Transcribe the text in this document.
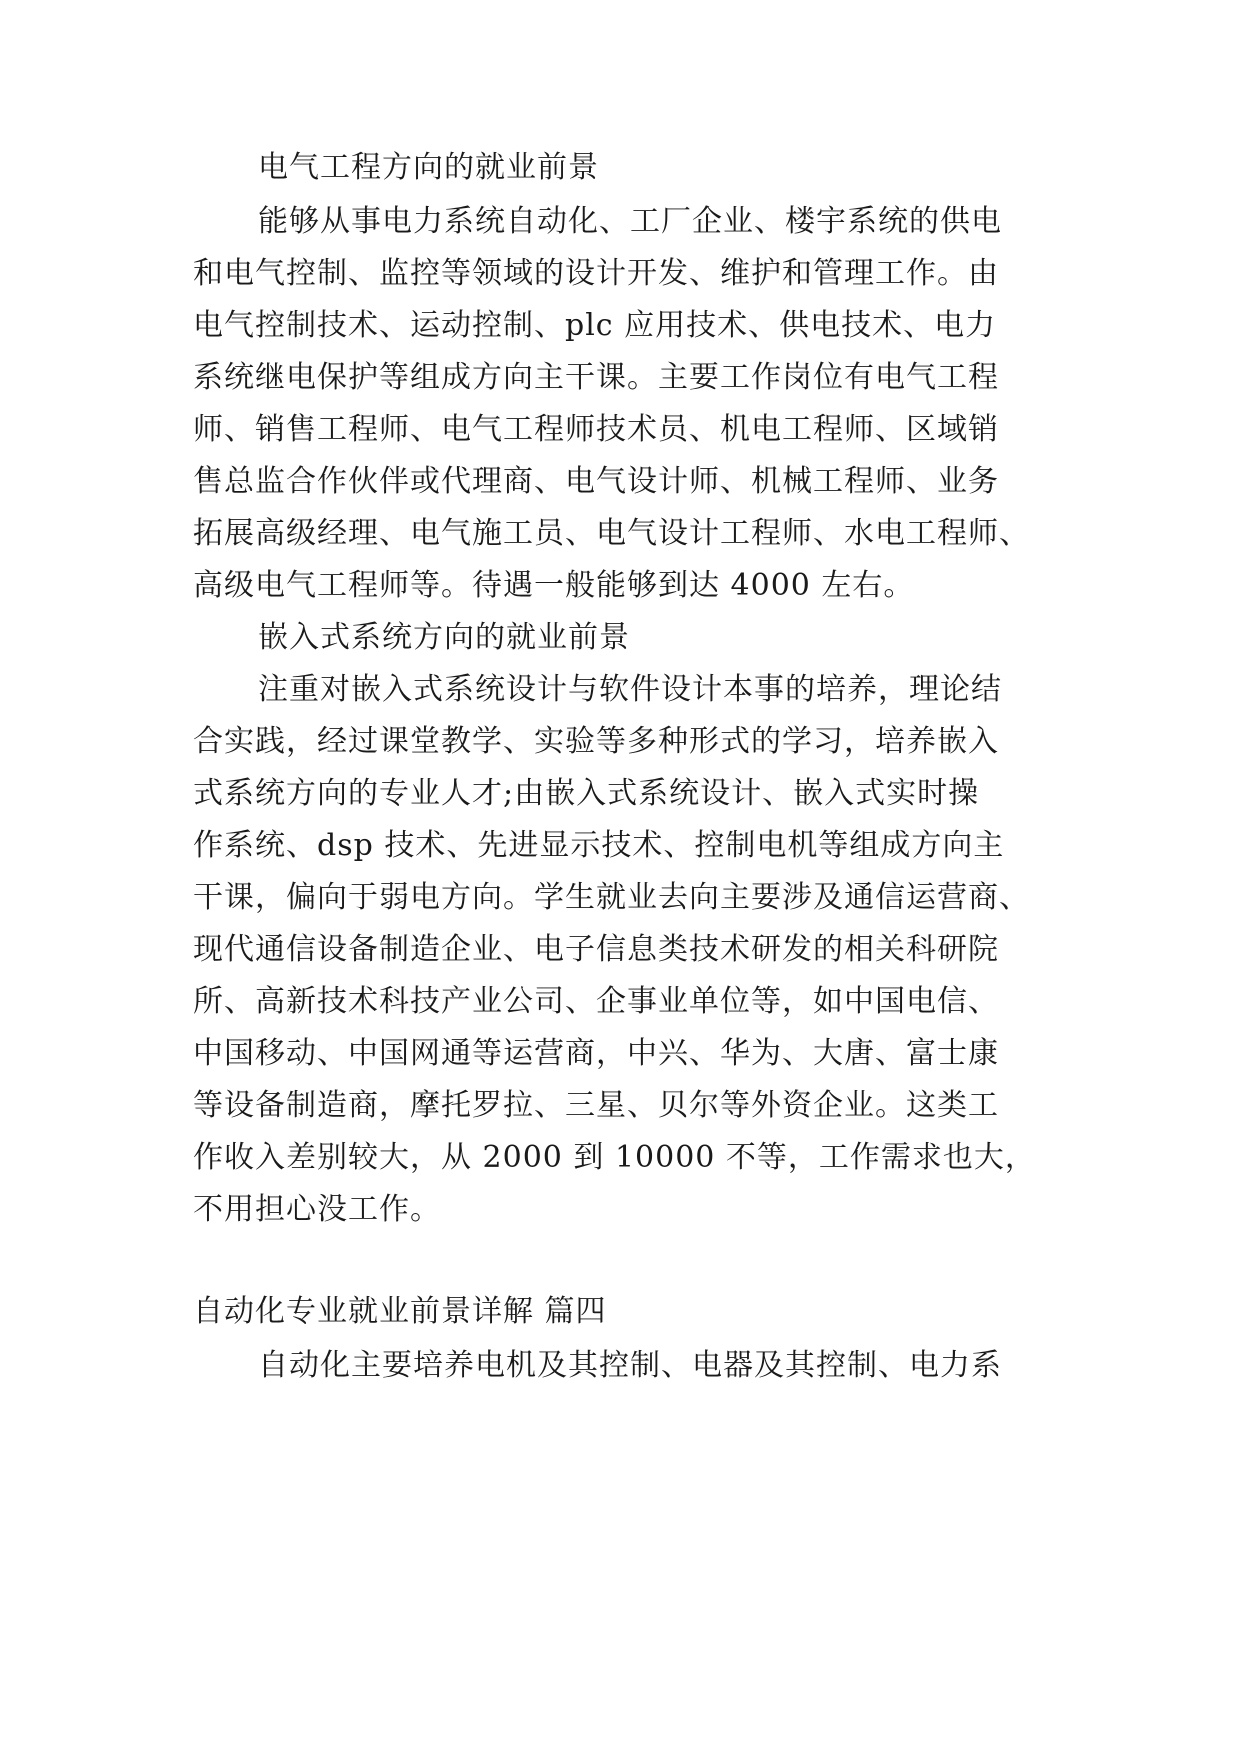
电气工程方向的就业前景
能够从事电力系统自动化、工厂企业、楼宇系统的供电
和电气控制、监控等领域的设计开发、维护和管理工作。由
电气控制技术、运动控制、plc 应用技术、供电技术、电力
系统继电保护等组成方向主干课。主要工作岗位有电气工程
师、销售工程师、电气工程师技术员、机电工程师、区域销
售总监合作伙伴或代理商、电气设计师、机械工程师、业务
拓展高级经理、电气施工员、电气设计工程师、水电工程师、
高级电气工程师等。待遇一般能够到达 4000 左右。
嵌入式系统方向的就业前景
注重对嵌入式系统设计与软件设计本事的培养，理论结
合实践，经过课堂教学、实验等多种形式的学习，培养嵌入
式系统方向的专业人才;由嵌入式系统设计、嵌入式实时操
作系统、dsp 技术、先进显示技术、控制电机等组成方向主
干课，偏向于弱电方向。学生就业去向主要涉及通信运营商、
现代通信设备制造企业、电子信息类技术研发的相关科研院
所、高新技术科技产业公司、企事业单位等，如中国电信、
中国移动、中国网通等运营商，中兴、华为、大唐、富士康
等设备制造商，摩托罗拉、三星、贝尔等外资企业。这类工
作收入差别较大，从 2000 到 10000 不等，工作需求也大，
不用担心没工作。
自动化专业就业前景详解 篇四
自动化主要培养电机及其控制、电器及其控制、电力系
